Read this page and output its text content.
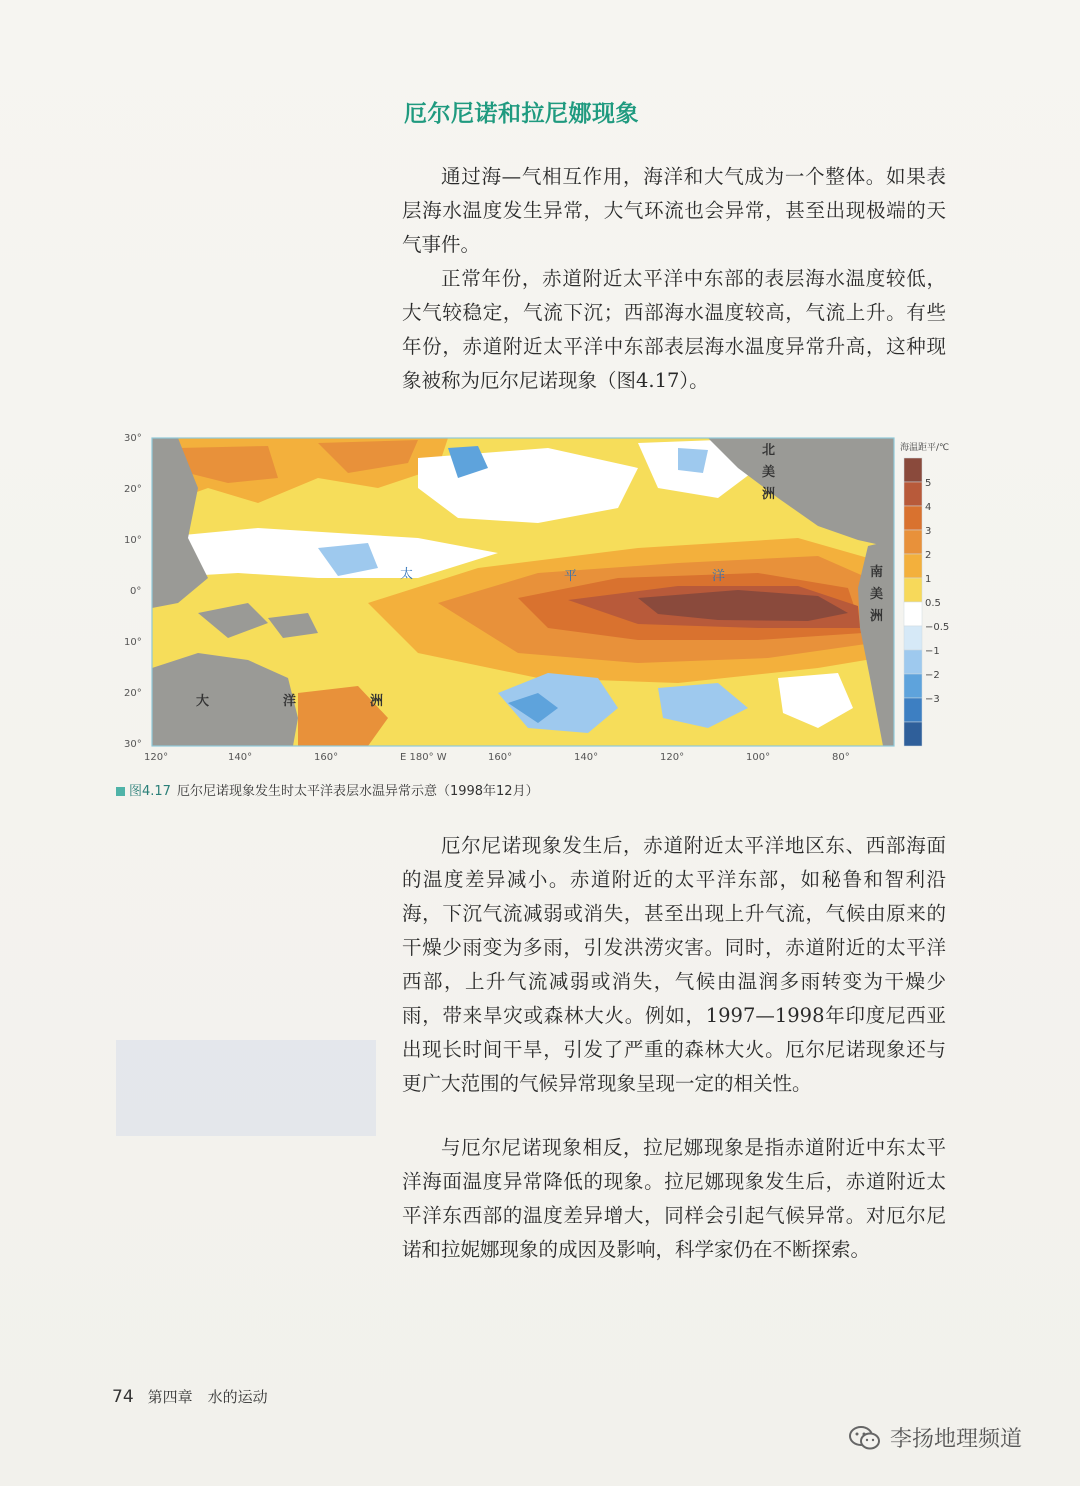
厄尔尼诺和拉尼娜现象

通过海—气相互作用，海洋和大气成为一个整体。如果表层海水温度发生异常，大气环流也会异常，甚至出现极端的天气事件。

正常年份，赤道附近太平洋中东部的表层海水温度较低，大气较稳定，气流下沉；西部海水温度较高，气流上升。有些年份，赤道附近太平洋中东部表层海水温度异常升高，这种现象被称为厄尔尼诺现象（图4.17）。

30°
20°
10°
0°
10°
20°
30°
120°	140°	160°	E 180° W	160°	140°	120°	100°	80°
北
美
洲
南
美
洲
大	洋	洲
太	平	洋
海温距平/℃
5
4
3
2
1
0.5
−0.5
−1
−2
−3
图4.17 厄尔尼诺现象发生时太平洋表层水温异常示意（1998年12月）

厄尔尼诺现象发生后，赤道附近太平洋地区东、西部海面的温度差异减小。赤道附近的太平洋东部，如秘鲁和智利沿海，下沉气流减弱或消失，甚至出现上升气流，气候由原来的干燥少雨变为多雨，引发洪涝灾害。同时，赤道附近的太平洋西部，上升气流减弱或消失，气候由温润多雨转变为干燥少雨，带来旱灾或森林大火。例如，1997—1998年印度尼西亚出现长时间干旱，引发了严重的森林大火。厄尔尼诺现象还与更广大范围的气候异常现象呈现一定的相关性。

与厄尔尼诺现象相反，拉尼娜现象是指赤道附近中东太平洋海面温度异常降低的现象。拉尼娜现象发生后，赤道附近太平洋东西部的温度差异增大，同样会引起气候异常。对厄尔尼诺和拉妮娜现象的成因及影响，科学家仍在不断探索。

74 第四章　水的运动
李扬地理频道
